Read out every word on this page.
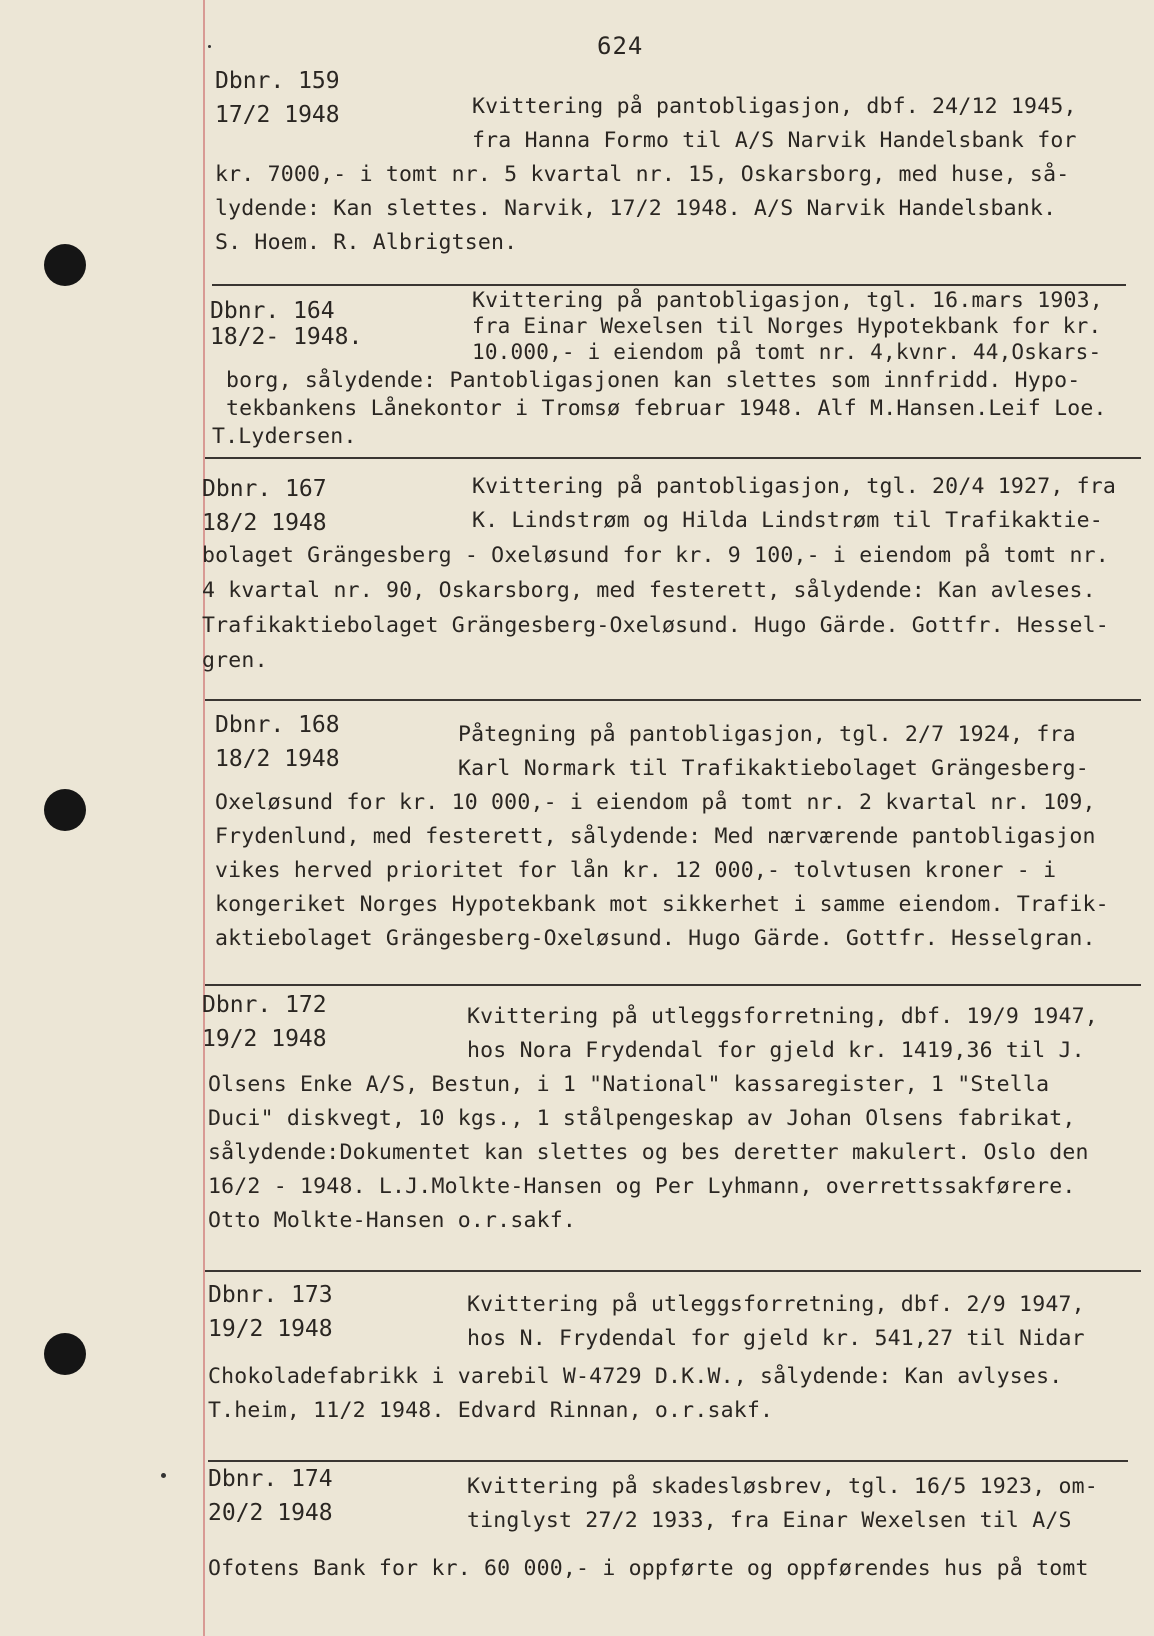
624
Dbnr. 159
17/2 1948	Kvittering på pantobligasjon, dbf. 24/12 1945,
fra Hanna Formo til A/S Narvik Handelsbank for
kr. 7000,- i tomt nr. 5 kvartal nr. 15, Oskarsborg, med huse, så-
lydende: Kan slettes. Narvik, 17/2 1948. A/S Narvik Handelsbank.
S. Hoem. R. Albrigtsen.
Dbnr. 164
18/2- 1948.
Kvittering på pantobligasjon, tgl. 16.mars 1903,
fra Einar Wexelsen til Norges Hypotekbank for kr.
10.000,- i eiendom på tomt nr. 4,kvnr. 44,Oskars-
borg, sålydende: Pantobligasjonen kan slettes som innfridd. Hypo-
tekbankens Lånekontor i Tromsø februar 1948. Alf M.Hansen.Leif Loe.
T.Lydersen.
Dbnr. 167
18/2 1948
Kvittering på pantobligasjon, tgl. 20/4 1927, fra
K. Lindstrøm og Hilda Lindstrøm til Trafikaktie-
bolaget Grängesberg - Oxeløsund for kr. 9 100,- i eiendom på tomt nr.
4 kvartal nr. 90, Oskarsborg, med festerett, sålydende: Kan avleses.
Trafikaktiebolaget Grängesberg-Oxeløsund. Hugo Gärde. Gottfr. Hessel-
gren.
Dbnr. 168
18/2 1948
Påtegning på pantobligasjon, tgl. 2/7 1924, fra
Karl Normark til Trafikaktiebolaget Grängesberg-
Oxeløsund for kr. 10 000,- i eiendom på tomt nr. 2 kvartal nr. 109,
Frydenlund, med festerett, sålydende: Med nærværende pantobligasjon
vikes herved prioritet for lån kr. 12 000,- tolvtusen kroner - i
kongeriket Norges Hypotekbank mot sikkerhet i samme eiendom. Trafik-
aktiebolaget Grängesberg-Oxeløsund. Hugo Gärde. Gottfr. Hesselgran.
Dbnr. 172
19/2 1948
Kvittering på utleggsforretning, dbf. 19/9 1947,
hos Nora Frydendal for gjeld kr. 1419,36 til J.
Olsens Enke A/S, Bestun, i 1 "National" kassaregister, 1 "Stella
Duci" diskvegt, 10 kgs., 1 stålpengeskap av Johan Olsens fabrikat,
sålydende:Dokumentet kan slettes og bes deretter makulert. Oslo den
16/2 - 1948. L.J.Molkte-Hansen og Per Lyhmann, overrettssakførere.
Otto Molkte-Hansen o.r.sakf.
Dbnr. 173
19/2 1948
Kvittering på utleggsforretning, dbf. 2/9 1947,
hos N. Frydendal for gjeld kr. 541,27 til Nidar
Chokoladefabrikk i varebil W-4729 D.K.W., sålydende: Kan avlyses.
T.heim, 11/2 1948. Edvard Rinnan, o.r.sakf.
Dbnr. 174
20/2 1948
Kvittering på skadesløsbrev, tgl. 16/5 1923, om-
tinglyst 27/2 1933, fra Einar Wexelsen til A/S
Ofotens Bank for kr. 60 000,- i oppførte og oppførendes hus på tomt
